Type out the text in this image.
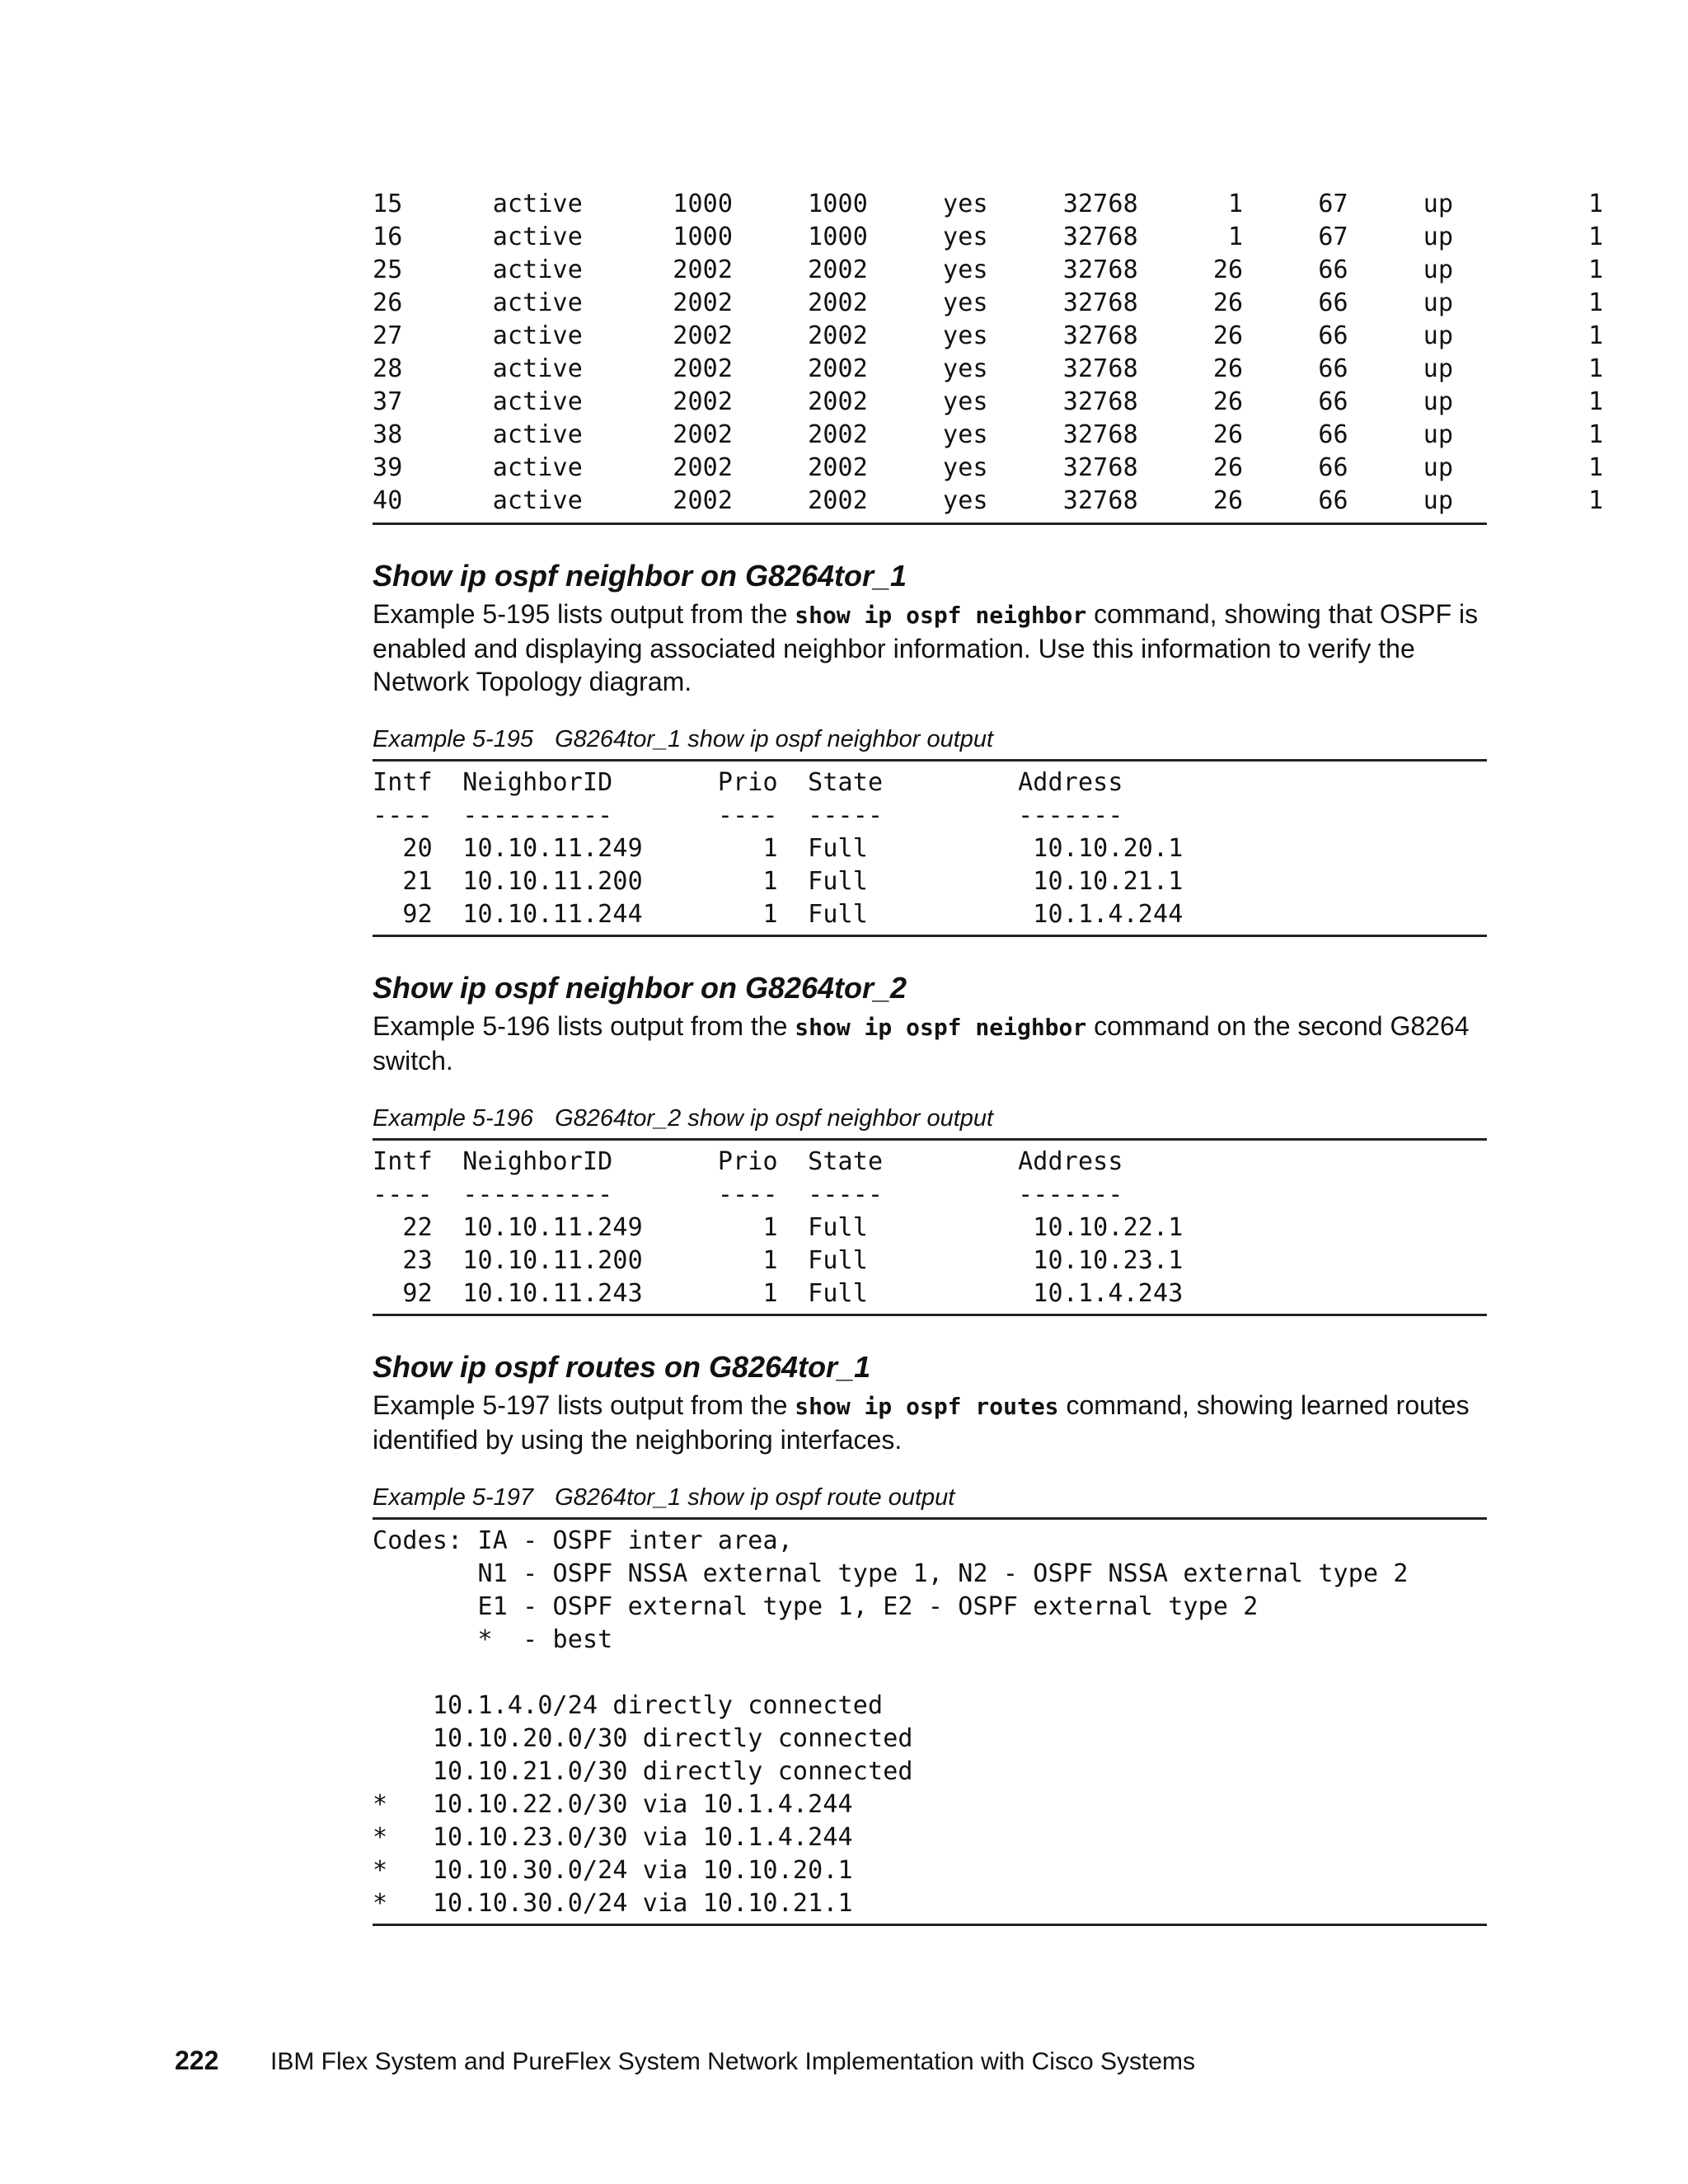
15      active      1000     1000     yes     32768      1     67     up         1
16      active      1000     1000     yes     32768      1     67     up         1
25      active      2002     2002     yes     32768     26     66     up         1
26      active      2002     2002     yes     32768     26     66     up         1
27      active      2002     2002     yes     32768     26     66     up         1
28      active      2002     2002     yes     32768     26     66     up         1
37      active      2002     2002     yes     32768     26     66     up         1
38      active      2002     2002     yes     32768     26     66     up         1
39      active      2002     2002     yes     32768     26     66     up         1
40      active      2002     2002     yes     32768     26     66     up         1
Show ip ospf neighbor on G8264tor_1

Example 5-195 lists output from the show ip ospf neighbor command, showing that OSPF is enabled and displaying associated neighbor information. Use this information to verify the Network Topology diagram.

Example 5-195 G8264tor_1 show ip ospf neighbor output

Intf  NeighborID       Prio  State         Address
----  ----------       ----  -----         -------
20  10.10.11.249        1  Full           10.10.20.1
21  10.10.11.200        1  Full           10.10.21.1
92  10.10.11.244        1  Full           10.1.4.244
Show ip ospf neighbor on G8264tor_2

Example 5-196 lists output from the show ip ospf neighbor command on the second G8264 switch.

Example 5-196 G8264tor_2 show ip ospf neighbor output

Intf  NeighborID       Prio  State         Address
----  ----------       ----  -----         -------
22  10.10.11.249        1  Full           10.10.22.1
23  10.10.11.200        1  Full           10.10.23.1
92  10.10.11.243        1  Full           10.1.4.243
Show ip ospf routes on G8264tor_1

Example 5-197 lists output from the show ip ospf routes command, showing learned routes identified by using the neighboring interfaces.

Example 5-197 G8264tor_1 show ip ospf route output

Codes: IA - OSPF inter area,
N1 - OSPF NSSA external type 1, N2 - OSPF NSSA external type 2
E1 - OSPF external type 1, E2 - OSPF external type 2
*  - best

10.1.4.0/24 directly connected
10.10.20.0/30 directly connected
10.10.21.0/30 directly connected
*   10.10.22.0/30 via 10.1.4.244
*   10.10.23.0/30 via 10.1.4.244
*   10.10.30.0/24 via 10.10.20.1
*   10.10.30.0/24 via 10.10.21.1
222 IBM Flex System and PureFlex System Network Implementation with Cisco Systems
